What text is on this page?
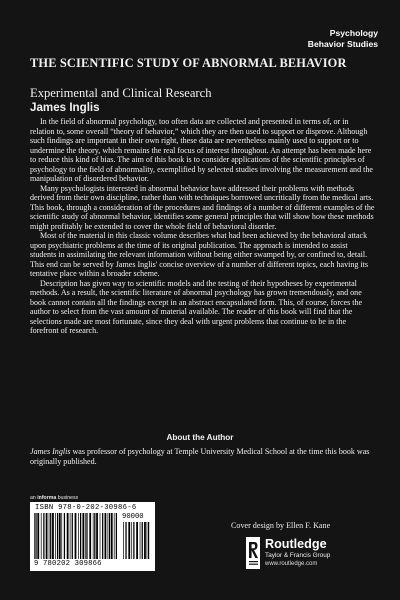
Psychology
Behavior Studies
THE SCIENTIFIC STUDY OF ABNORMAL BEHAVIOR
Experimental and Clinical Research
James Inglis

In the field of abnormal psychology, too often data are collected and presented in terms of, or in relation to, some overall “theory of behavior,” which they are then used to support or disprove. Although such findings are important in their own right, these data are nevertheless mainly used to support or to undermine the theory, which remains the real focus of interest throughout. An attempt has been made here to reduce this kind of bias. The aim of this book is to consider applications of the scientific principles of psychology to the field of abnormality, exemplified by selected studies involving the measurement and the manipulation of disordered behavior.

Many psychologists interested in abnormal behavior have addressed their problems with methods derived from their own discipline, rather than with techniques borrowed uncritically from the medical arts. This book, through a consideration of the procedures and findings of a number of different examples of the scientific study of abnormal behavior, identifies some general principles that will show how these methods might profitably be extended to cover the whole field of behavioral disorder.

Most of the material in this classic volume describes what had been achieved by the behavioral attack upon psychiatric problems at the time of its original publication. The approach is intended to assist students in assimilating the relevant information without being either swamped by, or confined to, detail. This end can be served by James Inglis' concise overview of a number of different topics, each having its tentative place within a broader scheme.

Description has given way to scientific models and the testing of their hypotheses by experimental methods. As a result, the scientific literature of abnormal psychology has grown tremendously, and one book cannot contain all the findings except in an abstract encapsulated form. This, of course, forces the author to select from the vast amount of material available. The reader of this book will find that the selections made are most fortunate, since they deal with urgent problems that continue to be in the forefront of research.

About the Author

James Inglis was professor of psychology at Temple University Medical School at the time this book was originally published.

an informa business
ISBN 978-0-202-30986-6
90000
9 780202 309866
Cover design by Ellen F. Kane
Routledge
Taylor & Francis Group
www.routledge.com
